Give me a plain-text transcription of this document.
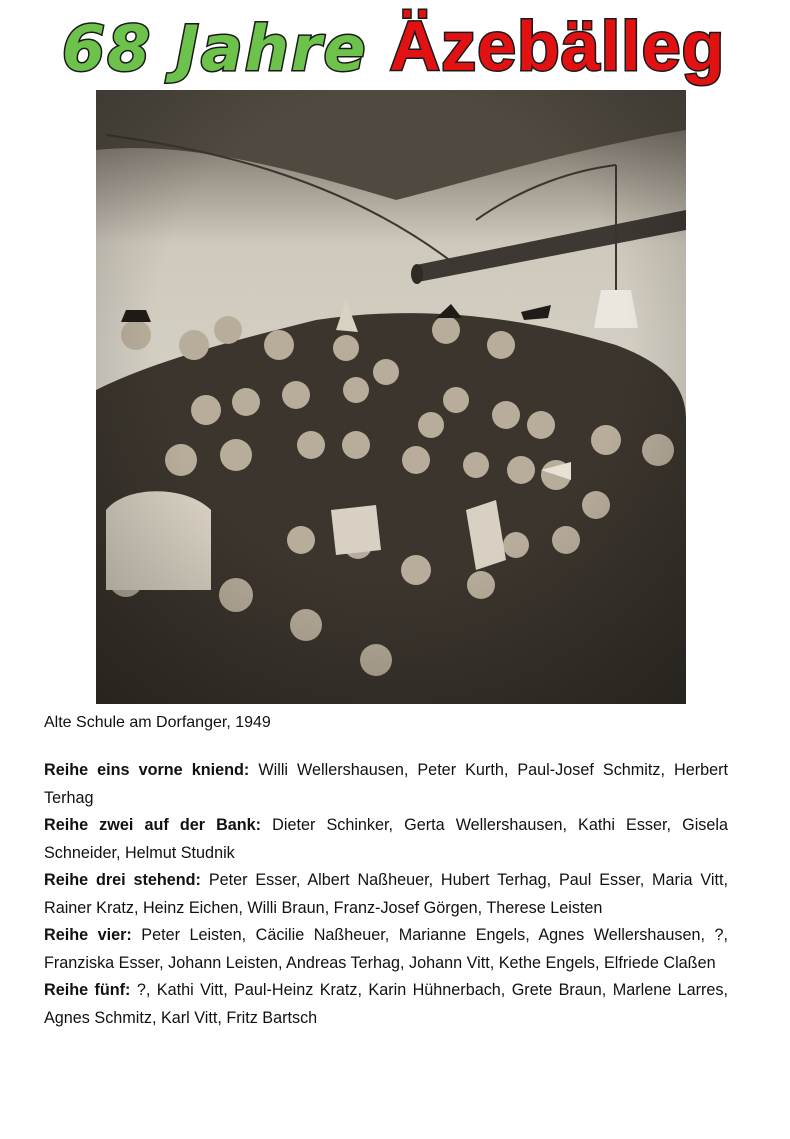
68 Jahre Äzebälleg
Alte Schule am Dorfanger, 1949

Reihe eins vorne kniend: Willi Wellershausen, Peter Kurth, Paul-Josef Schmitz, Herbert Terhag

Reihe zwei auf der Bank: Dieter Schinker, Gerta Wellershausen, Kathi Esser, Gisela Schneider, Helmut Studnik

Reihe drei stehend: Peter Esser, Albert Naßheuer, Hubert Terhag, Paul Esser, Maria Vitt, Rainer Kratz, Heinz Eichen, Willi Braun, Franz-Josef Görgen, Therese Leisten

Reihe vier: Peter Leisten, Cäcilie Naßheuer, Marianne Engels, Agnes Wellershausen, ?, Franziska Esser, Johann Leisten, Andreas Terhag, Johann Vitt, Kethe Engels, Elfriede Claßen

Reihe fünf: ?, Kathi Vitt, Paul-Heinz Kratz, Karin Hühnerbach, Grete Braun, Marlene Larres, Agnes Schmitz, Karl Vitt, Fritz Bartsch
